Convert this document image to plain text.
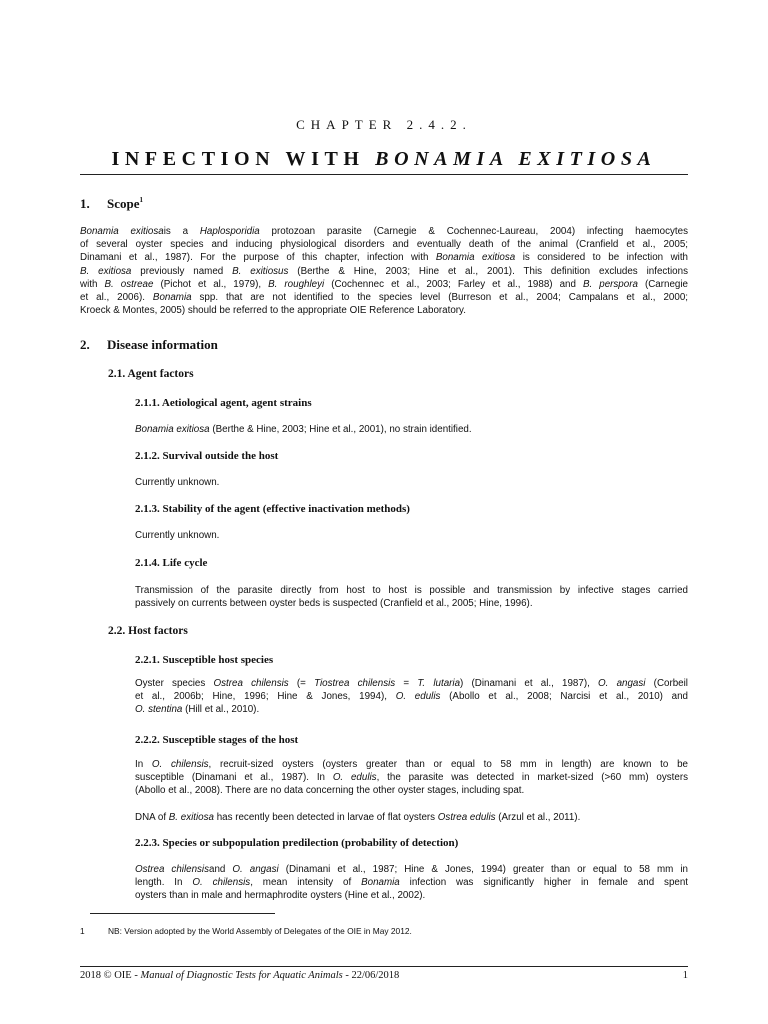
CHAPTER 2.4.2.
INFECTION WITH BONAMIA EXITIOSA
1. Scope$^1$
Bonamia exitiosais a Haplosporidia protozoan parasite (Carnegie & Cochennec-Laureau, 2004) infecting haemocytes
of several oyster species and inducing physiological disorders and eventually death of the animal (Cranfield et al., 2005;
Dinamani et al., 1987). For the purpose of this chapter, infection with Bonamia exitiosa is considered to be infection with
B. exitiosa previously named B. exitiosus (Berthe & Hine, 2003; Hine et al., 2001). This definition excludes infections
with B. ostreae (Pichot et al., 1979), B. roughleyi (Cochennec et al., 2003; Farley et al., 1988) and B. perspora (Carnegie
et al., 2006). Bonamia spp. that are not identified to the species level (Burreson et al., 2004; Campalans et al., 2000;
Kroeck & Montes, 2005) should be referred to the appropriate OIE Reference Laboratory.
2. Disease information
2.1. Agent factors
2.1.1. Aetiological agent, agent strains
Bonamia exitiosa (Berthe & Hine, 2003; Hine et al., 2001), no strain identified.
2.1.2. Survival outside the host
Currently unknown.
2.1.3. Stability of the agent (effective inactivation methods)
Currently unknown.
2.1.4. Life cycle
Transmission of the parasite directly from host to host is possible and transmission by infective stages carried
passively on currents between oyster beds is suspected (Cranfield et al., 2005; Hine, 1996).
2.2. Host factors
2.2.1. Susceptible host species
Oyster species Ostrea chilensis (= Tiostrea chilensis = T. lutaria) (Dinamani et al., 1987), O. angasi (Corbeil
et al., 2006b; Hine, 1996; Hine & Jones, 1994), O. edulis (Abollo et al., 2008; Narcisi et al., 2010) and
O. stentina (Hill et al., 2010).
2.2.2. Susceptible stages of the host
In O. chilensis, recruit-sized oysters (oysters greater than or equal to 58 mm in length) are known to be
susceptible (Dinamani et al., 1987). In O. edulis, the parasite was detected in market-sized (>60 mm) oysters
(Abollo et al., 2008). There are no data concerning the other oyster stages, including spat.
DNA of B. exitiosa has recently been detected in larvae of flat oysters Ostrea edulis (Arzul et al., 2011).
2.2.3. Species or subpopulation predilection (probability of detection)
Ostrea chilensisand O. angasi (Dinamani et al., 1987; Hine & Jones, 1994) greater than or equal to 58 mm in
length. In O. chilensis, mean intensity of Bonamia infection was significantly higher in female and spent
oysters than in male and hermaphrodite oysters (Hine et al., 2002).
1	NB: Version adopted by the World Assembly of Delegates of the OIE in May 2012.
2018 © OIE - Manual of Diagnostic Tests for Aquatic Animals - 22/06/2018	1
